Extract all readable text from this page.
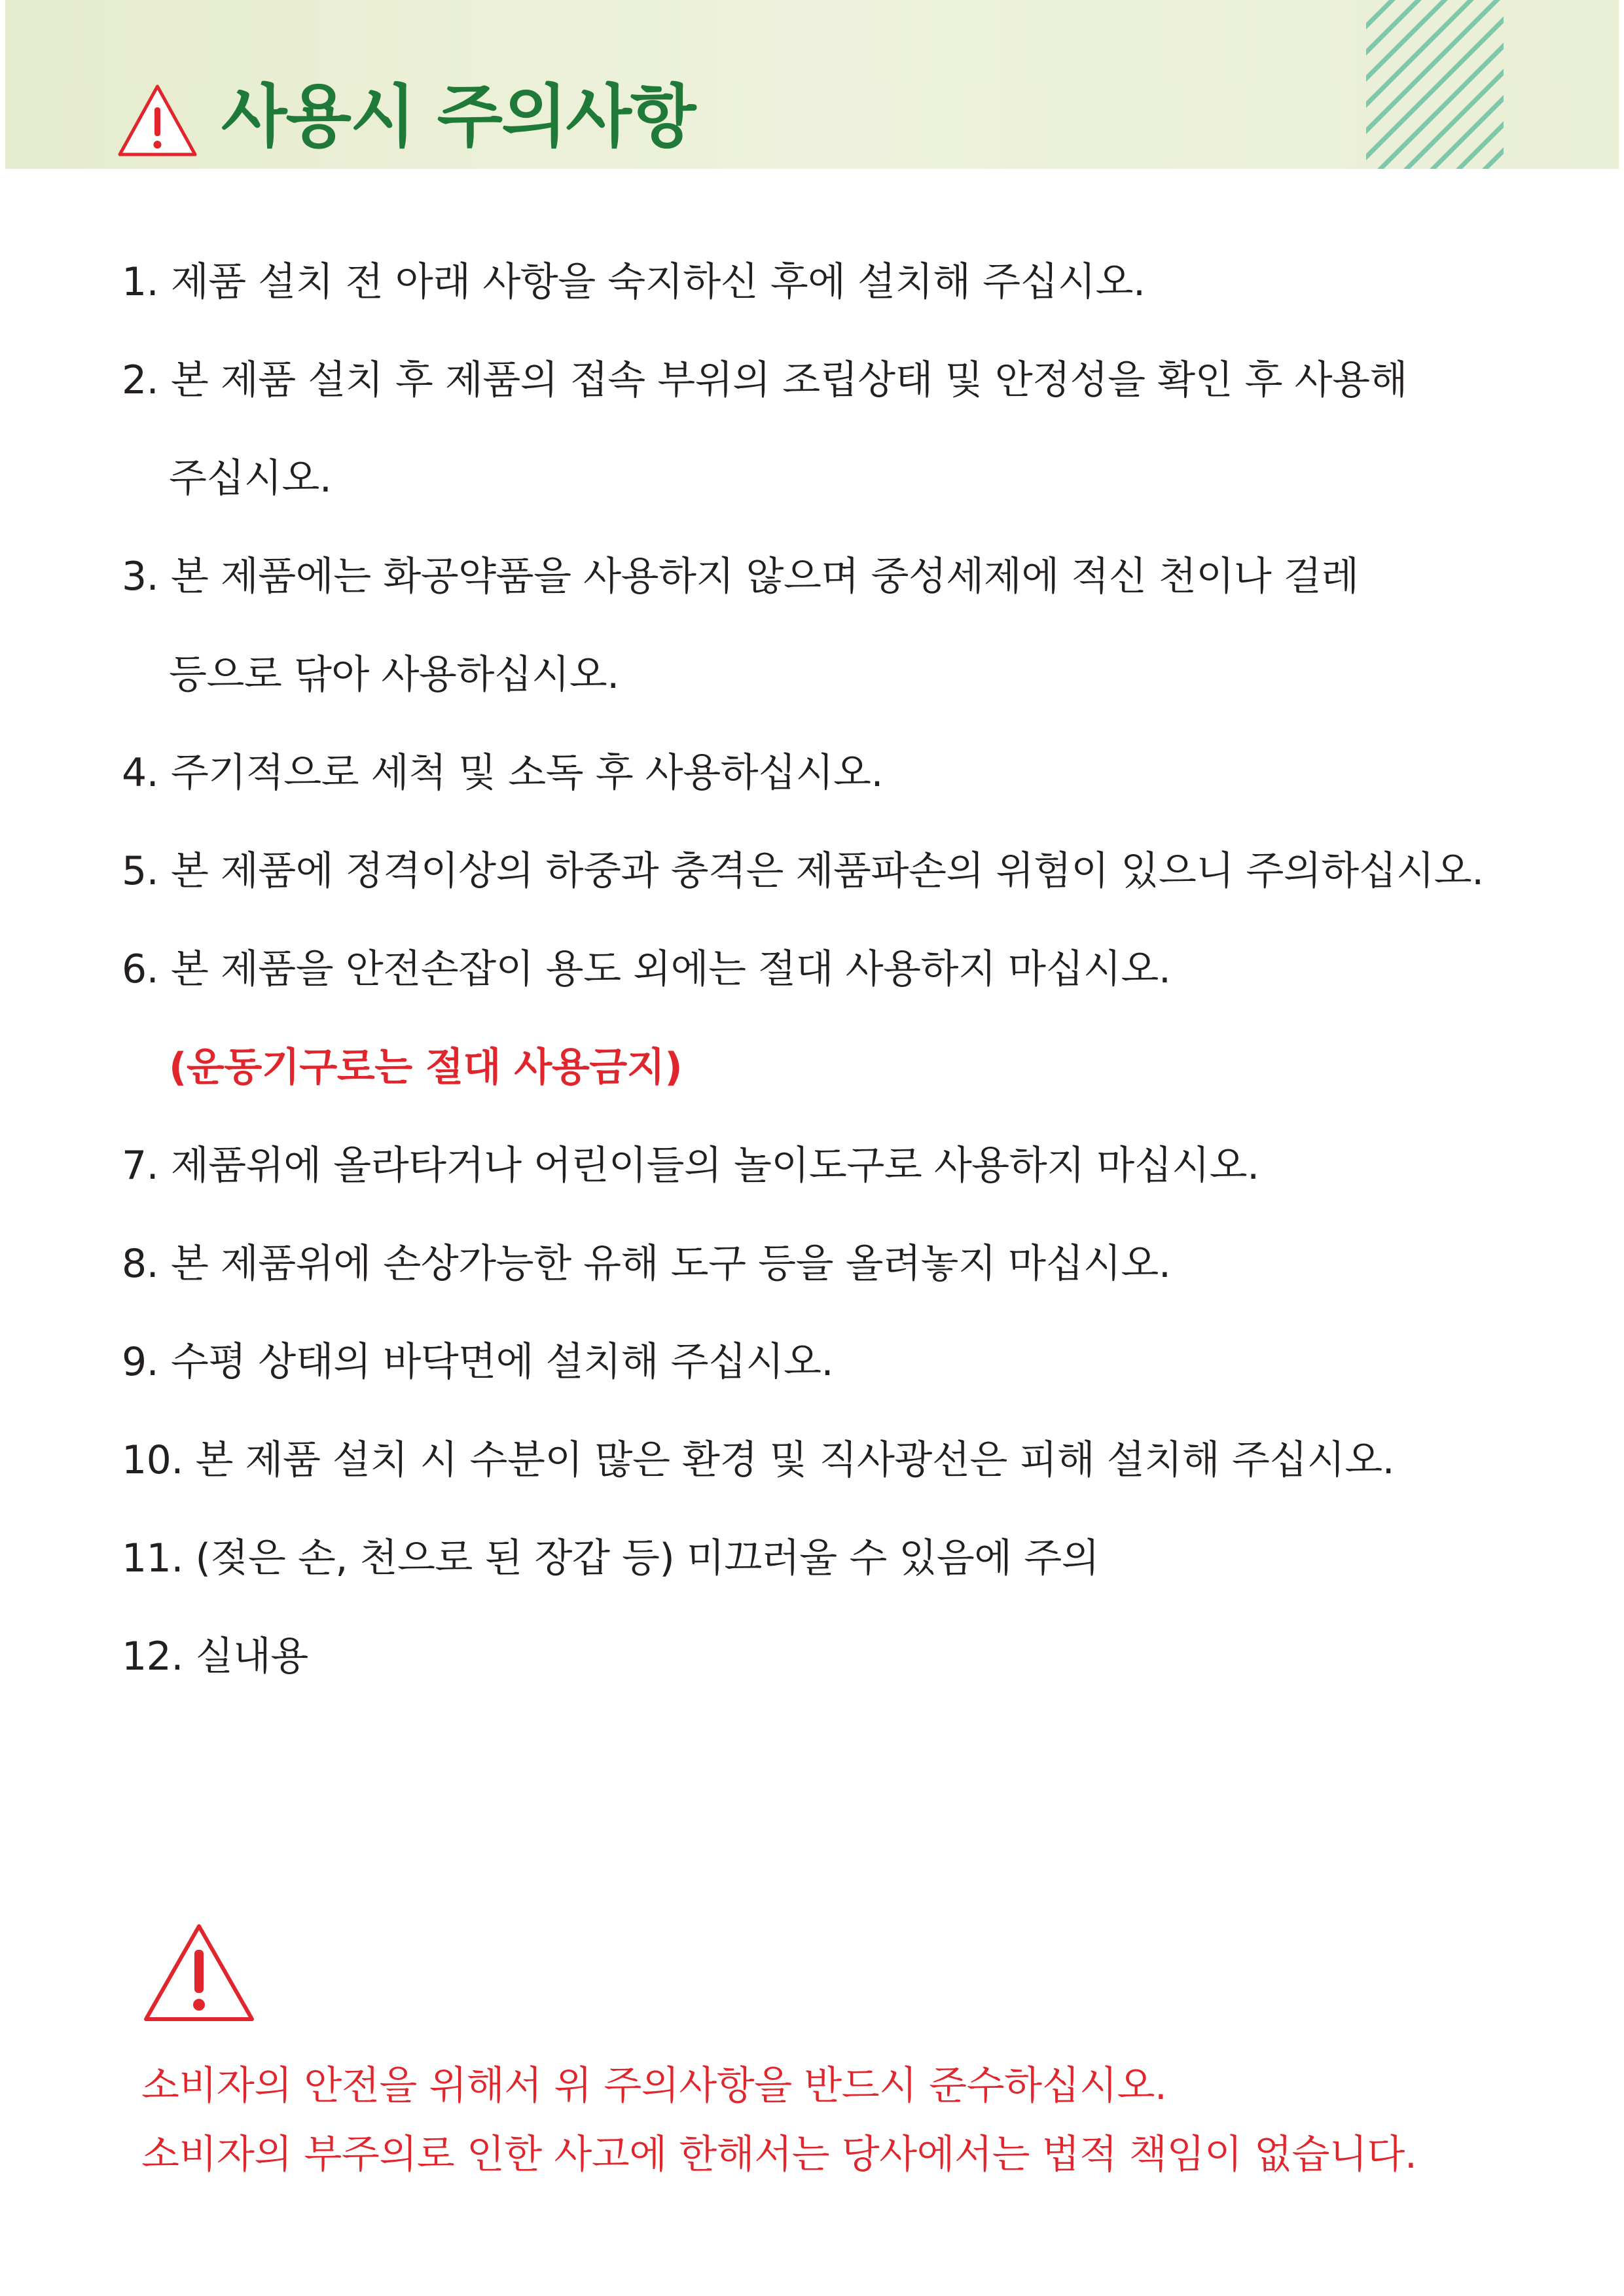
사용시 주의사항
1. 제품 설치 전 아래 사항을 숙지하신 후에 설치해 주십시오.
2. 본 제품 설치 후 제품의 접속 부위의 조립상태 및 안정성을 확인 후 사용해
주십시오.
3. 본 제품에는 화공약품을 사용하지 않으며 중성세제에 적신 천이나 걸레
등으로 닦아 사용하십시오.
4. 주기적으로 세척 및 소독 후 사용하십시오.
5. 본 제품에 정격이상의 하중과 충격은 제품파손의 위험이 있으니 주의하십시오.
6. 본 제품을 안전손잡이 용도 외에는 절대 사용하지 마십시오.
(운동기구로는 절대 사용금지)
7. 제품위에 올라타거나 어린이들의 놀이도구로 사용하지 마십시오.
8. 본 제품위에 손상가능한 유해 도구 등을 올려놓지 마십시오.
9. 수평 상태의 바닥면에 설치해 주십시오.
10. 본 제품 설치 시 수분이 많은 환경 및 직사광선은 피해 설치해 주십시오.
11. (젖은 손, 천으로 된 장갑 등) 미끄러울 수 있음에 주의
12. 실내용
소비자의 안전을 위해서 위 주의사항을 반드시 준수하십시오.
소비자의 부주의로 인한 사고에 한해서는 당사에서는 법적 책임이 없습니다.
